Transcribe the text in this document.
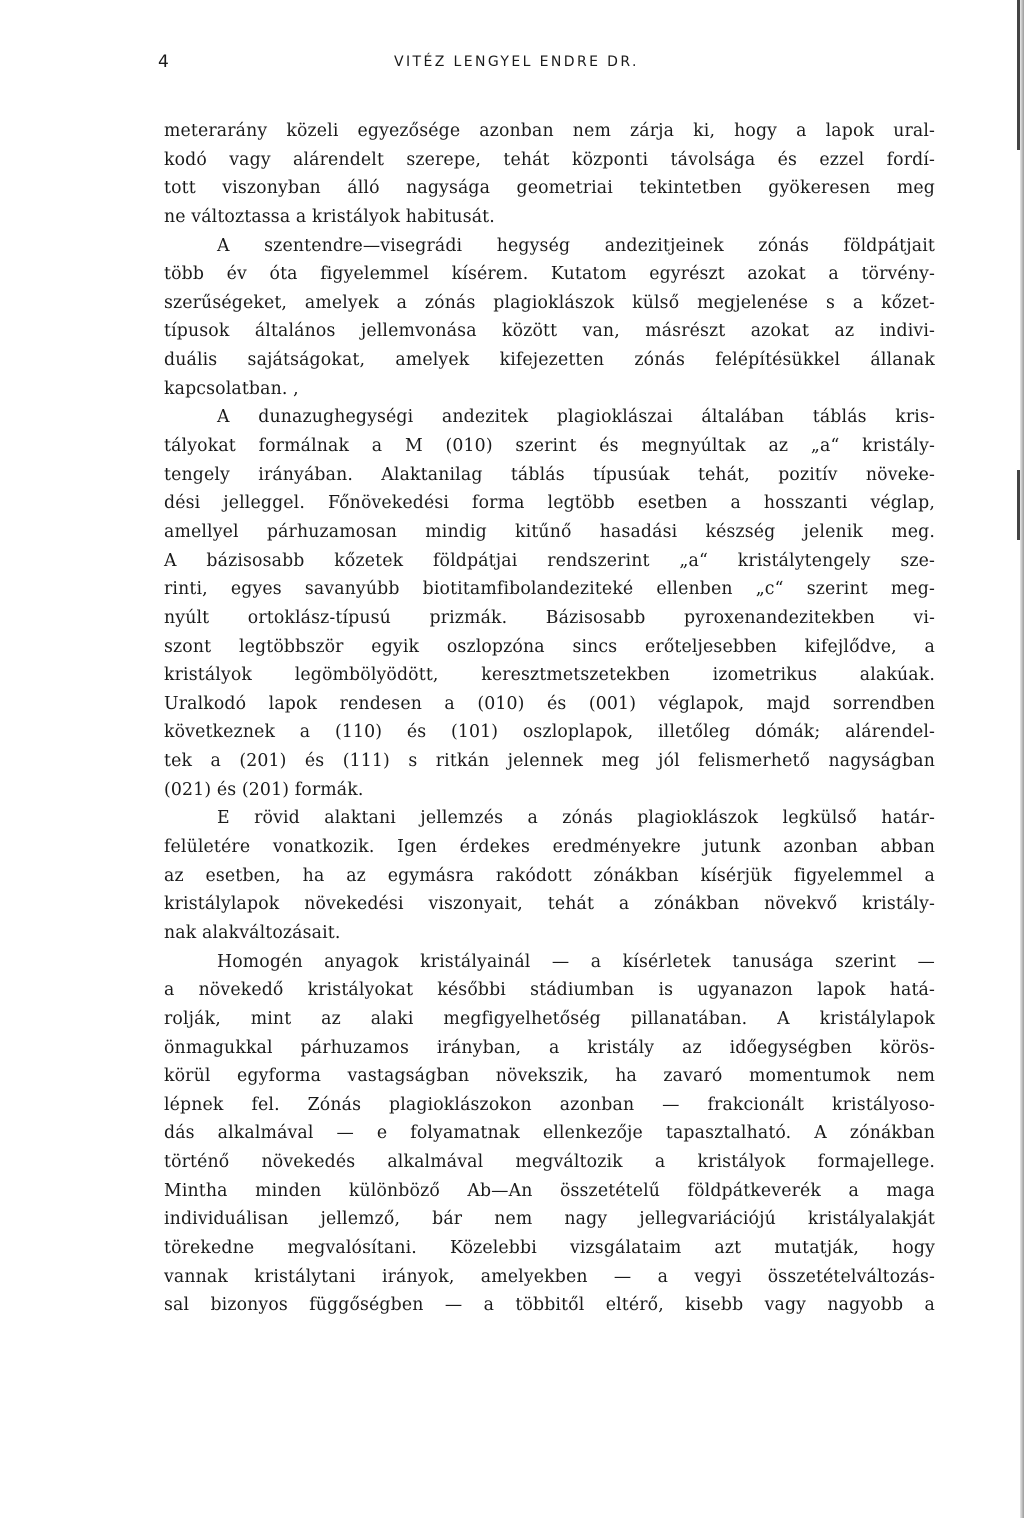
4	VITÉZ LENGYEL ENDRE DR.
meterarány közeli egyezősége azonban nem zárja ki, hogy a lapok ural-
kodó vagy alárendelt szerepe, tehát központi távolsága és ezzel fordí-
tott viszonyban álló nagysága geometriai tekintetben gyökeresen meg
ne változtassa a kristályok habitusát.
A szentendre—visegrádi hegység andezitjeinek zónás földpátjait
több év óta figyelemmel kísérem. Kutatom egyrészt azokat a törvény-
szerűségeket, amelyek a zónás plagioklászok külső megjelenése s a kőzet-
típusok általános jellemvonása között van, másrészt azokat az indivi-
duális sajátságokat, amelyek kifejezetten zónás felépítésükkel állanak
kapcsolatban. ,
A dunazughegységi andezitek plagioklászai általában táblás kris-
tályokat formálnak a M (010) szerint és megnyúltak az „a“ kristály-
tengely irányában. Alaktanilag táblás típusúak tehát, pozitív növeke-
dési jelleggel. Főnövekedési forma legtöbb esetben a hosszanti véglap,
amellyel párhuzamosan mindig kitűnő hasadási készség jelenik meg.
A bázisosabb kőzetek földpátjai rendszerint „a“ kristálytengely sze-
rinti, egyes savanyúbb biotitamfibolandeziteké ellenben „c“ szerint meg-
nyúlt ortoklász-típusú prizmák. Bázisosabb pyroxenandezitekben vi-
szont legtöbbször egyik oszlopzóna sincs erőteljesebben kifejlődve, a
kristályok legömbölyödött, keresztmetszetekben izometrikus alakúak.
Uralkodó lapok rendesen a (010) és (001) véglapok, majd sorrendben
következnek a (110) és (101) oszloplapok, illetőleg dómák; alárendel-
tek a (201) és (111) s ritkán jelennek meg jól felismerhető nagyságban
(021) és (201) formák.
E rövid alaktani jellemzés a zónás plagioklászok legkülső határ-
felületére vonatkozik. Igen érdekes eredményekre jutunk azonban abban
az esetben, ha az egymásra rakódott zónákban kísérjük figyelemmel a
kristálylapok növekedési viszonyait, tehát a zónákban növekvő kristály-
nak alakváltozásait.
Homogén anyagok kristályainál — a kísérletek tanusága szerint —
a növekedő kristályokat későbbi stádiumban is ugyanazon lapok hatá-
rolják, mint az alaki megfigyelhetőség pillanatában. A kristálylapok
önmagukkal párhuzamos irányban, a kristály az időegységben körös-
körül egyforma vastagságban növekszik, ha zavaró momentumok nem
lépnek fel. Zónás plagioklászokon azonban — frakcionált kristályoso-
dás alkalmával — e folyamatnak ellenkezője tapasztalható. A zónákban
történő növekedés alkalmával megváltozik a kristályok formajellege.
Mintha minden különböző Ab—An összetételű földpátkeverék a maga
individuálisan jellemző, bár nem nagy jellegvariációjú kristályalakját
törekedne megvalósítani. Közelebbi vizsgálataim azt mutatják, hogy
vannak kristálytani irányok, amelyekben — a vegyi összetételváltozás-
sal bizonyos függőségben — a többitől eltérő, kisebb vagy nagyobb a
